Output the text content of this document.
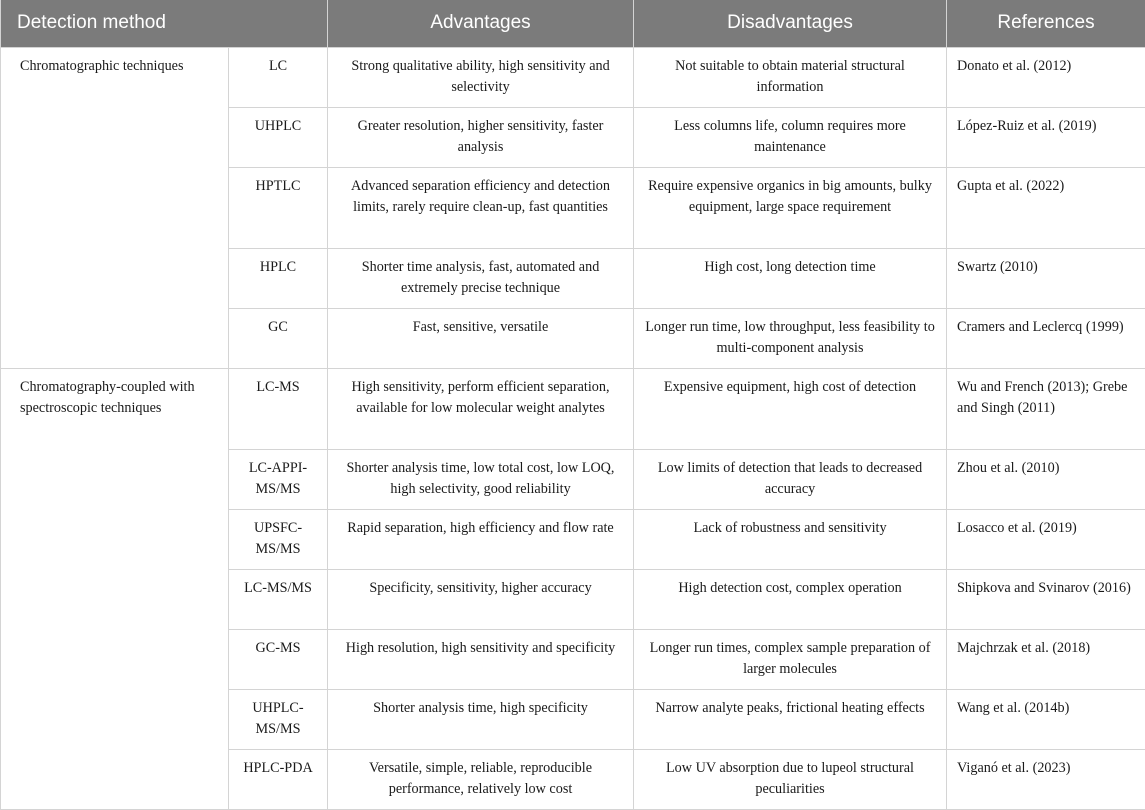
Detection method		Advantages	Disadvantages	References
Chromatographic techniques	LC	Strong qualitative ability, high sensitivity and selectivity	Not suitable to obtain material structural information	Donato et al. (2012)
	UHPLC	Greater resolution, higher sensitivity, faster analysis	Less columns life, column requires more maintenance	López-Ruiz et al. (2019)
	HPTLC	Advanced separation efficiency and detection limits, rarely require clean-up, fast quantities	Require expensive organics in big amounts, bulky equipment, large space requirement	Gupta et al. (2022)
	HPLC	Shorter time analysis, fast, automated and extremely precise technique	High cost, long detection time	Swartz (2010)
	GC	Fast, sensitive, versatile	Longer run time, low throughput, less feasibility to multi-component analysis	Cramers and Leclercq (1999)
Chromatography-coupled with spectroscopic techniques	LC-MS	High sensitivity, perform efficient separation, available for low molecular weight analytes	Expensive equipment, high cost of detection	Wu and French (2013); Grebe and Singh (2011)
	LC-APPI-MS/MS	Shorter analysis time, low total cost, low LOQ, high selectivity, good reliability	Low limits of detection that leads to decreased accuracy	Zhou et al. (2010)
	UPSFC-MS/MS	Rapid separation, high efficiency and flow rate	Lack of robustness and sensitivity	Losacco et al. (2019)
	LC-MS/MS	Specificity, sensitivity, higher accuracy	High detection cost, complex operation	Shipkova and Svinarov (2016)
	GC-MS	High resolution, high sensitivity and specificity	Longer run times, complex sample preparation of larger molecules	Majchrzak et al. (2018)
	UHPLC-MS/MS	Shorter analysis time, high specificity	Narrow analyte peaks, frictional heating effects	Wang et al. (2014b)
	HPLC-PDA	Versatile, simple, reliable, reproducible performance, relatively low cost	Low UV absorption due to lupeol structural peculiarities	Viganó et al. (2023)
